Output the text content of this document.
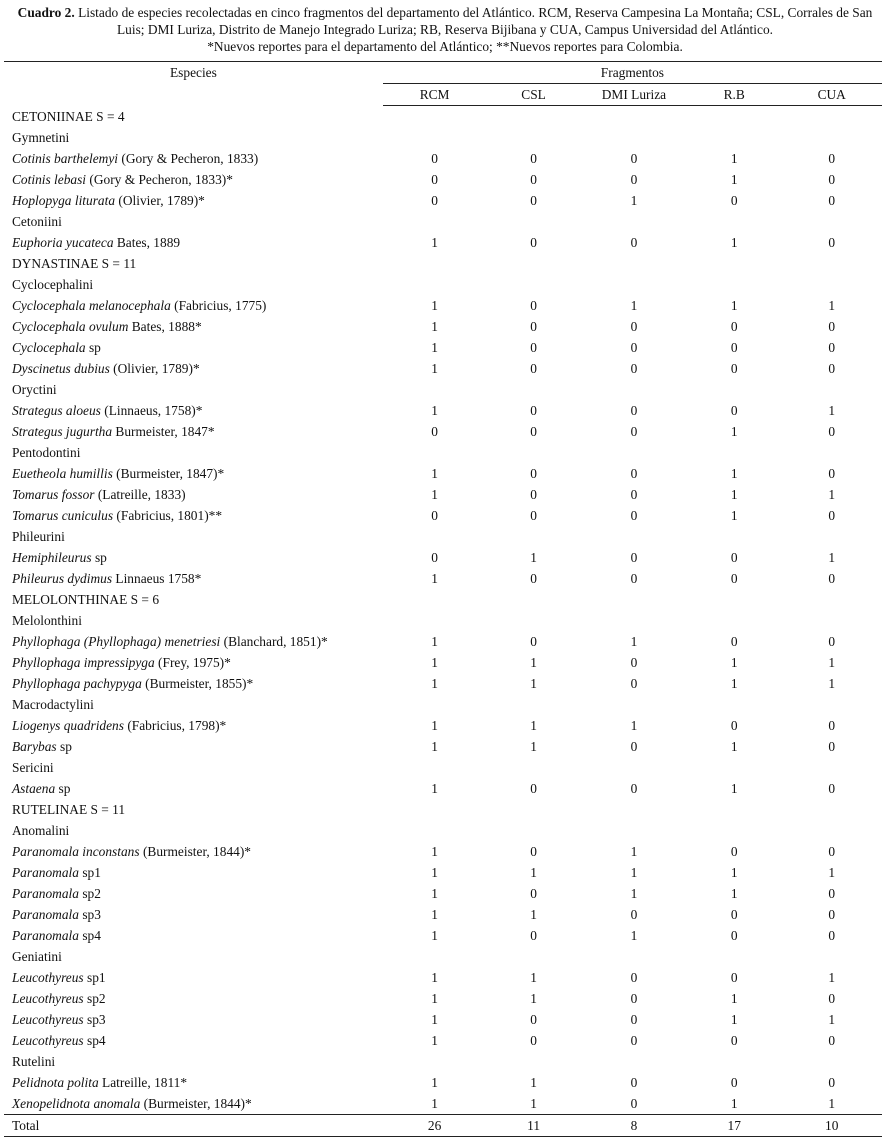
Cuadro 2. Listado de especies recolectadas en cinco fragmentos del departamento del Atlántico. RCM, Reserva Campesina La Montaña; CSL, Corrales de San Luis; DMI Luriza, Distrito de Manejo Integrado Luriza; RB, Reserva Bijibana y CUA, Campus Universidad del Atlántico.
*Nuevos reportes para el departamento del Atlántico; **Nuevos reportes para Colombia.
Especies	Fragmentos				
	RCM	CSL	DMI Luriza	R.B	CUA
CETONIINAE S = 4					
Gymnetini					
Cotinis barthelemyi (Gory & Pecheron, 1833)	0	0	0	1	0
Cotinis lebasi (Gory & Pecheron, 1833)*	0	0	0	1	0
Hoplopyga liturata (Olivier, 1789)*	0	0	1	0	0
Cetoniini					
Euphoria yucateca Bates, 1889	1	0	0	1	0
DYNASTINAE S = 11					
Cyclocephalini					
Cyclocephala melanocephala (Fabricius, 1775)	1	0	1	1	1
Cyclocephala ovulum Bates, 1888*	1	0	0	0	0
Cyclocephala sp	1	0	0	0	0
Dyscinetus dubius (Olivier, 1789)*	1	0	0	0	0
Oryctini					
Strategus aloeus (Linnaeus, 1758)*	1	0	0	0	1
Strategus jugurtha Burmeister, 1847*	0	0	0	1	0
Pentodontini					
Euetheola humillis (Burmeister, 1847)*	1	0	0	1	0
Tomarus fossor (Latreille, 1833)	1	0	0	1	1
Tomarus cuniculus (Fabricius, 1801)**	0	0	0	1	0
Phileurini					
Hemiphileurus sp	0	1	0	0	1
Phileurus dydimus Linnaeus 1758*	1	0	0	0	0
MELOLONTHINAE S = 6					
Melolonthini					
Phyllophaga (Phyllophaga) menetriesi (Blanchard, 1851)*	1	0	1	0	0
Phyllophaga impressipyga (Frey, 1975)*	1	1	0	1	1
Phyllophaga pachypyga (Burmeister, 1855)*	1	1	0	1	1
Macrodactylini					
Liogenys quadridens (Fabricius, 1798)*	1	1	1	0	0
Barybas sp	1	1	0	1	0
Sericini					
Astaena sp	1	0	0	1	0
RUTELINAE S = 11					
Anomalini					
Paranomala inconstans (Burmeister, 1844)*	1	0	1	0	0
Paranomala sp1	1	1	1	1	1
Paranomala sp2	1	0	1	1	0
Paranomala sp3	1	1	0	0	0
Paranomala sp4	1	0	1	0	0
Geniatini					
Leucothyreus sp1	1	1	0	0	1
Leucothyreus sp2	1	1	0	1	0
Leucothyreus sp3	1	0	0	1	1
Leucothyreus sp4	1	0	0	0	0
Rutelini					
Pelidnota polita Latreille, 1811*	1	1	0	0	0
Xenopelidnota anomala (Burmeister, 1844)*	1	1	0	1	1
Total	26	11	8	17	10
